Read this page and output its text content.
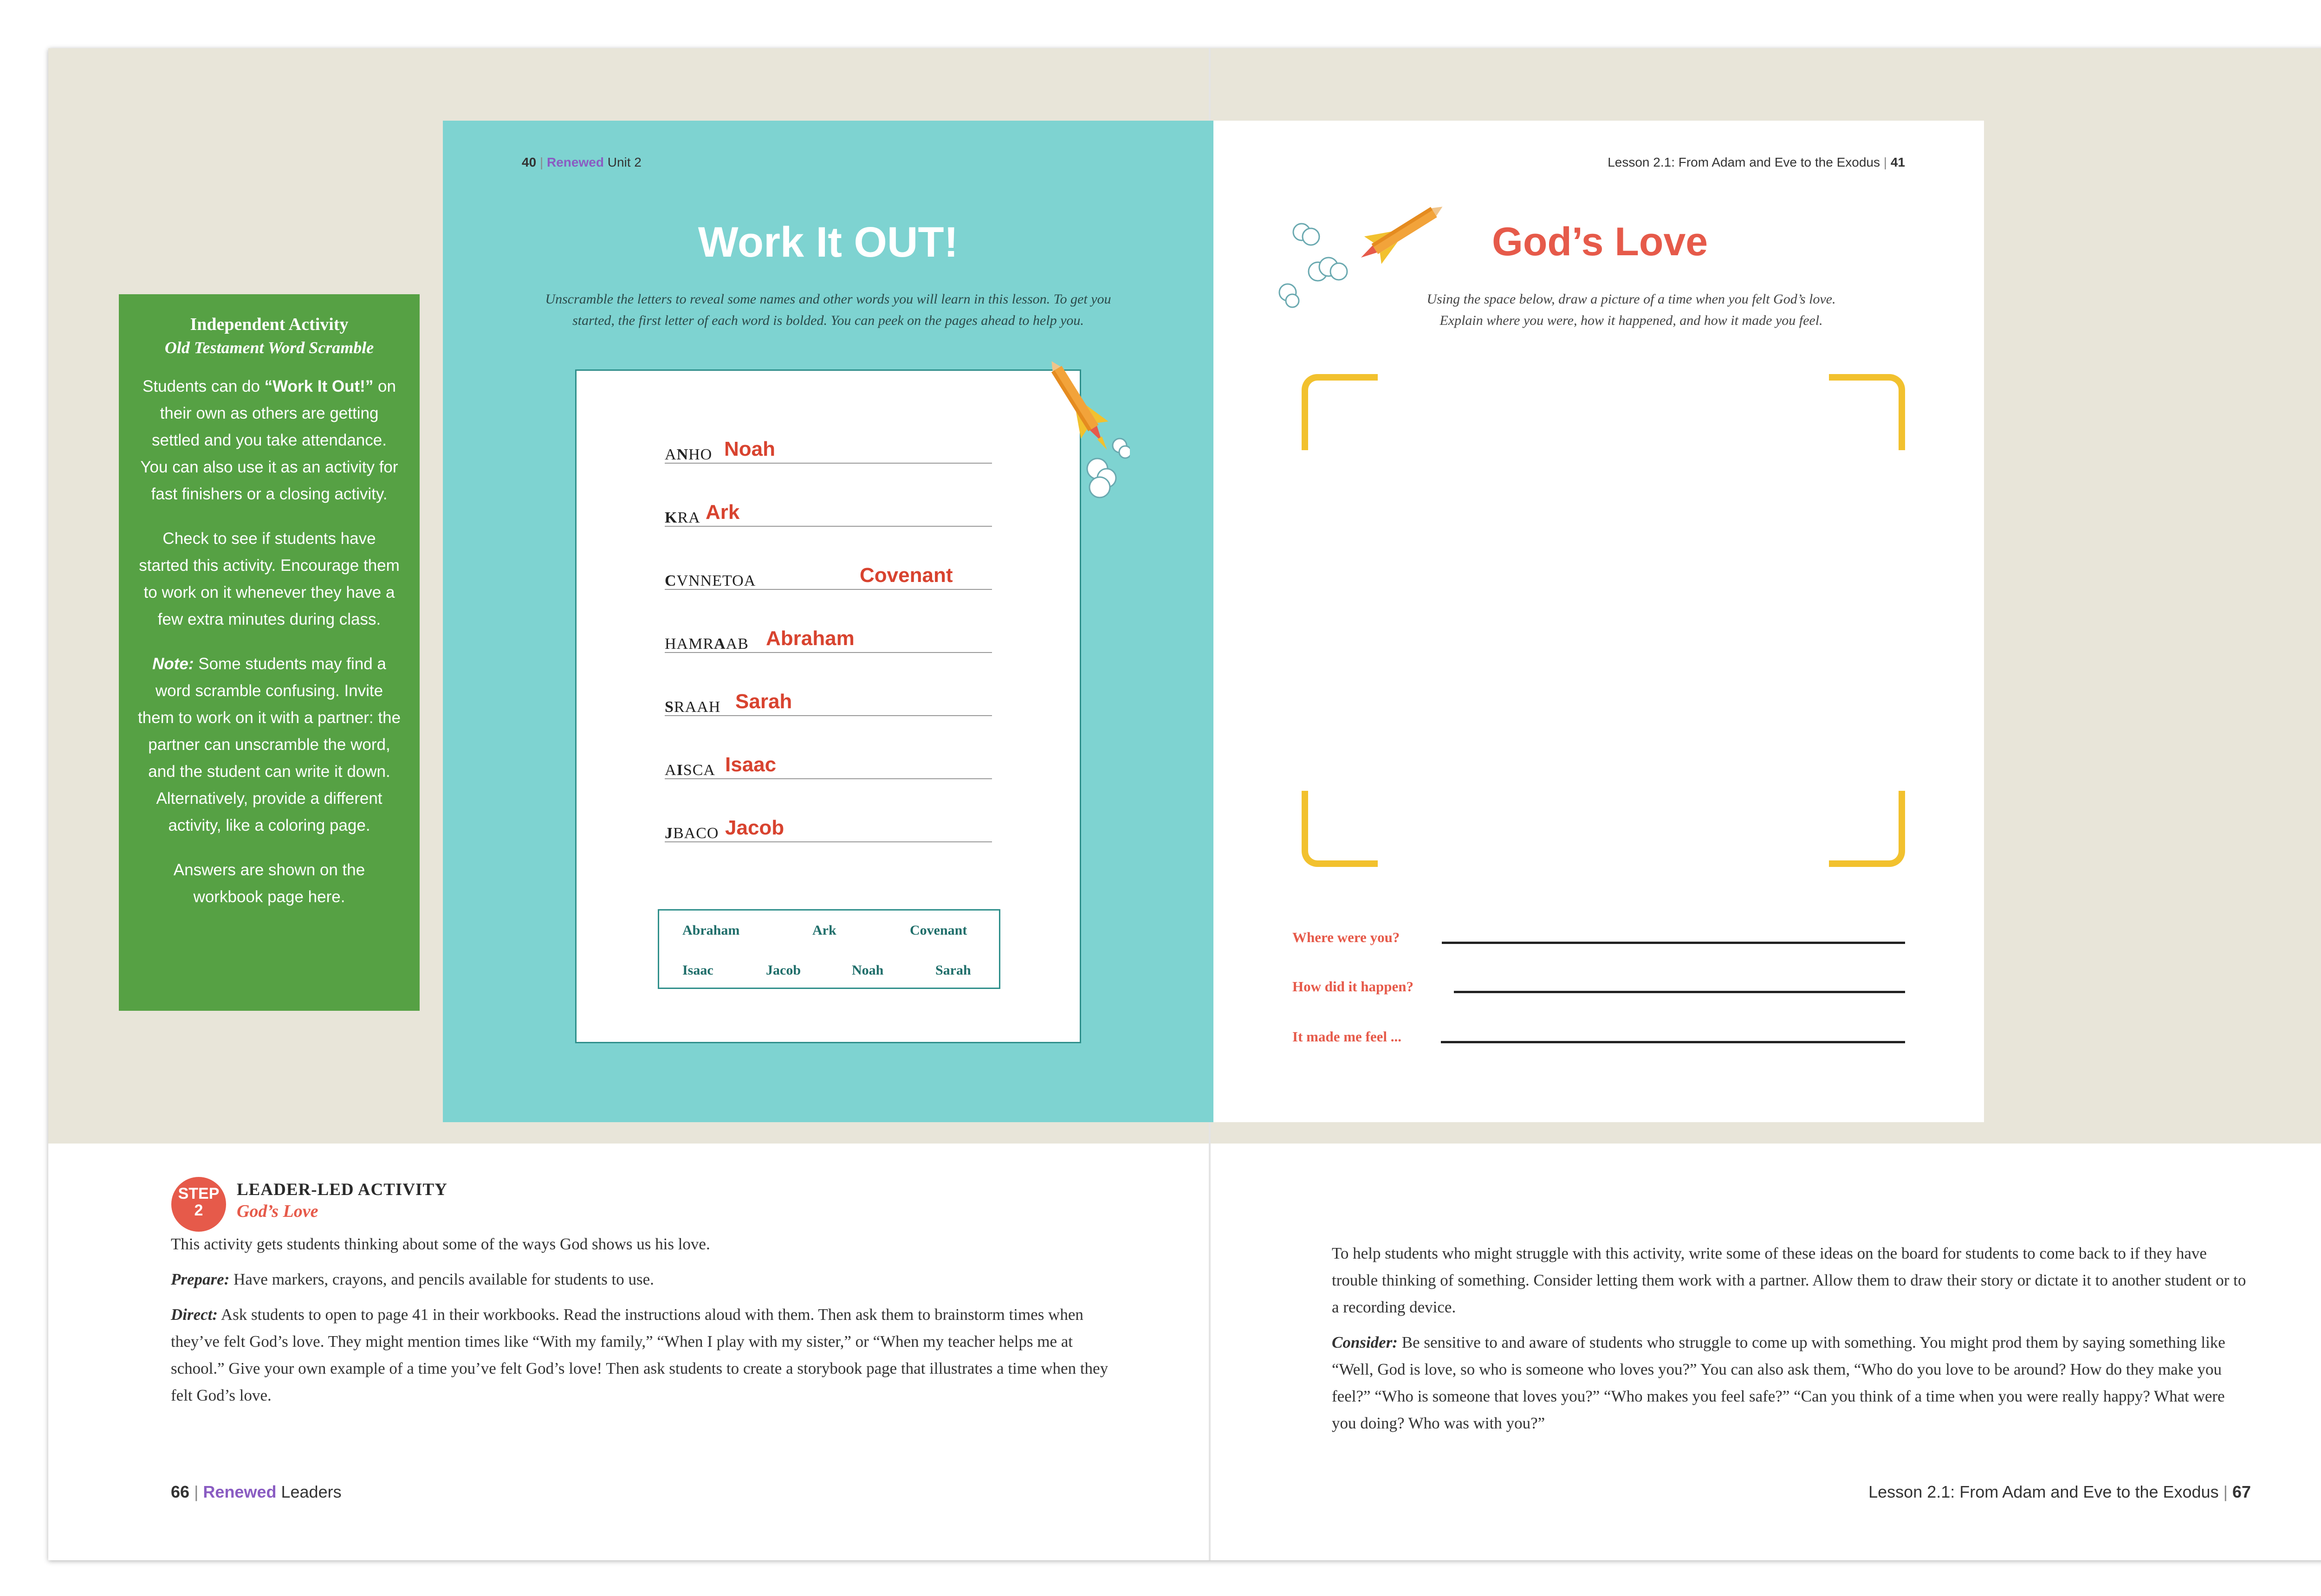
40 | Renewed Unit 2
Work It OUT!
Unscramble the letters to reveal some names and other words you will learn in this lesson. To get you started, the first letter of each word is bolded. You can peek on the pages ahead to help you.
ANHO Noah
KRA Ark
CVNNETOA	Covenant
HAMRAAB Abraham
SRAAH Sarah
AISCA Isaac
JBACO Jacob
Abraham	Ark	Covenant
Isaac	Jacob	Noah	Sarah
Lesson 2.1: From Adam and Eve to the Exodus | 41
God’s Love
Using the space below, draw a picture of a time when you felt God’s love.
Explain where you were, how it happened, and how it made you feel.
Where were you?
How did it happen?
It made me feel ...
Independent Activity
Old Testament Word Scramble

Students can do “Work It Out!” on their own as others are getting settled and you take attendance. You can also use it as an activity for fast finishers or a closing activity.

Check to see if students have started this activity. Encourage them to work on it whenever they have a few extra minutes during class.

Note: Some students may find a word scramble confusing. Invite them to work on it with a partner: the partner can unscramble the word, and the student can write it down. Alternatively, provide a different activity, like a coloring page.

Answers are shown on the workbook page here.

STEP
2
LEADER-LED ACTIVITY
God’s Love

This activity gets students thinking about some of the ways God shows us his love.

Prepare: Have markers, crayons, and pencils available for students to use.

Direct: Ask students to open to page 41 in their workbooks. Read the instructions aloud with them. Then ask them to brainstorm times when they’ve felt God’s love. They might mention times like “With my family,” “When I play with my sister,” or “When my teacher helps me at school.” Give your own example of a time you’ve felt God’s love! Then ask students to create a storybook page that illustrates a time when they felt God’s love.

To help students who might struggle with this activity, write some of these ideas on the board for students to come back to if they have trouble thinking of something. Consider letting them work with a partner. Allow them to draw their story or dictate it to another student or to a recording device.

Consider: Be sensitive to and aware of students who struggle to come up with something. You might prod them by saying something like “Well, God is love, so who is someone who loves you?” You can also ask them, “Who do you love to be around? How do they make you feel?” “Who is someone that loves you?” “Who makes you feel safe?” “Can you think of a time when you were really happy? What were you doing? Who was with you?”

66 | Renewed Leaders	Lesson 2.1: From Adam and Eve to the Exodus | 67
